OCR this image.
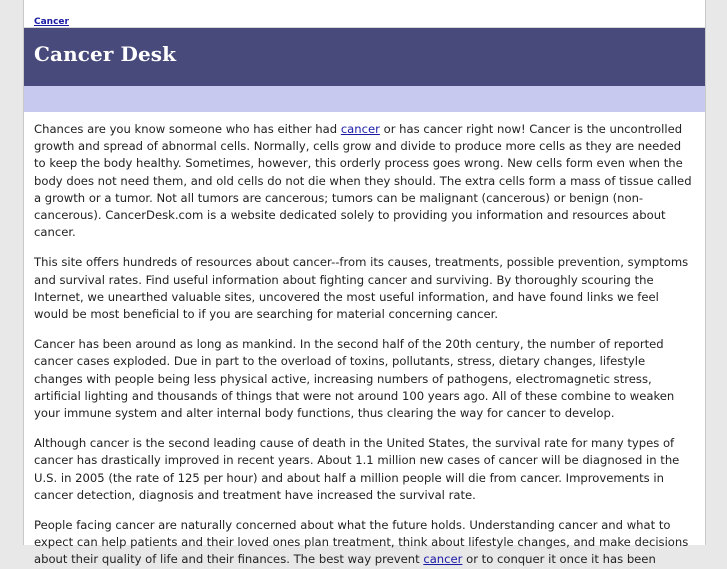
Cancer
Cancer Desk

Chances are you know someone who has either had cancer or has cancer right now! Cancer is the uncontrolled growth and spread of abnormal cells. Normally, cells grow and divide to produce more cells as they are needed to keep the body healthy. Sometimes, however, this orderly process goes wrong. New cells form even when the body does not need them, and old cells do not die when they should. The extra cells form a mass of tissue called a growth or a tumor. Not all tumors are cancerous; tumors can be malignant (cancerous) or benign (non-cancerous). CancerDesk.com is a website dedicated solely to providing you information and resources about cancer.

This site offers hundreds of resources about cancer--from its causes, treatments, possible prevention, symptoms and survival rates. Find useful information about fighting cancer and surviving. By thoroughly scouring the Internet, we unearthed valuable sites, uncovered the most useful information, and have found links we feel would be most beneficial to if you are searching for material concerning cancer.

Cancer has been around as long as mankind. In the second half of the 20th century, the number of reported cancer cases exploded. Due in part to the overload of toxins, pollutants, stress, dietary changes, lifestyle changes with people being less physical active, increasing numbers of pathogens, electromagnetic stress, artificial lighting and thousands of things that were not around 100 years ago. All of these combine to weaken your immune system and alter internal body functions, thus clearing the way for cancer to develop.

Although cancer is the second leading cause of death in the United States, the survival rate for many types of cancer has drastically improved in recent years. About 1.1 million new cases of cancer will be diagnosed in the U.S. in 2005 (the rate of 125 per hour) and about half a million people will die from cancer. Improvements in cancer detection, diagnosis and treatment have increased the survival rate.

People facing cancer are naturally concerned about what the future holds. Understanding cancer and what to expect can help patients and their loved ones plan treatment, think about lifestyle changes, and make decisions about their quality of life and their finances. The best way prevent cancer or to conquer it once it has been
